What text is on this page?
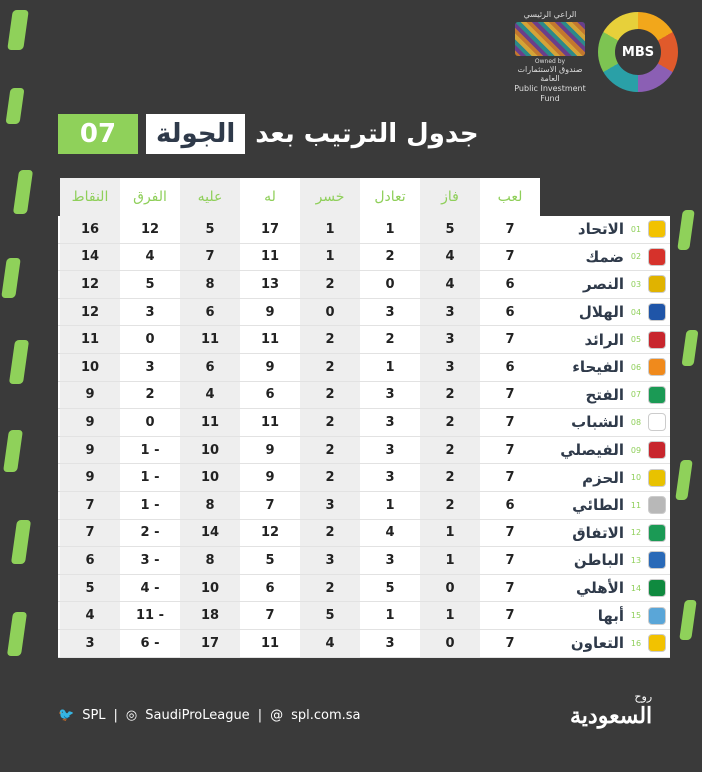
الراعي الرئيسي
Owned by
صندوق الاستثمارات العامة
Public Investment Fund
MBS
07	الجولة جدول الترتيب بعد
لعب
فاز
تعادل
خسر
له
عليه
الفرق
النقاط
01
الاتحاد
7
5
1
1
17
5
12
16
02
ضمك
7
4
2
1
11
7
4
14
03
النصر
6
4
0
2
13
8
5
12
04
الهلال
6
3
3
0
9
6
3
12
05
الرائد
7
3
2
2
11
11
0
11
06
الفيحاء
6
3
1
2
9
6
3
10
07
الفتح
7
2
3
2
6
4
2
9
08
الشباب
7
2
3
2
11
11
0
9
09
الفيصلي
7
2
3
2
9
10
1 -
9
10
الحزم
7
2
3
2
9
10
1 -
9
11
الطائي
6
2
1
3
7
8
1 -
7
12
الاتفاق
7
1
4
2
12
14
2 -
7
13
الباطن
7
1
3
3
5
8
3 -
6
14
الأهلي
7
0
5
2
6
10
4 -
5
15
أبها
7
1
1
5
7
18
11 -
4
16
التعاون
7
0
3
4
11
17
6 -
3
🐦 SPL | ◎ SaudiProLeague | @ spl.com.sa
روح
السعودية
